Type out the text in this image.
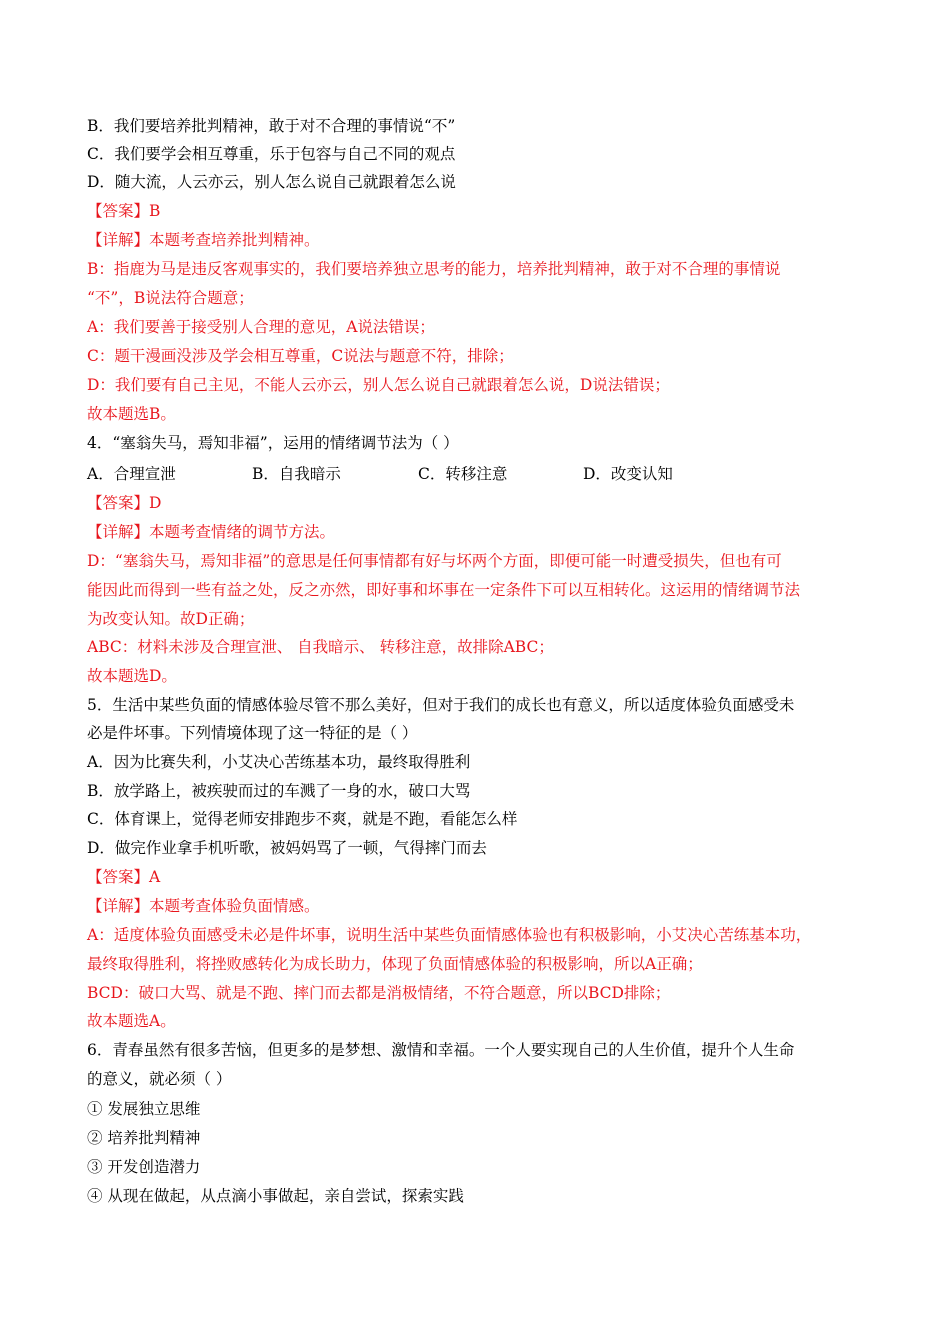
B．我们要培养批判精神，敢于对不合理的事情说“不”
C．我们要学会相互尊重，乐于包容与自己不同的观点
D．随大流，人云亦云，别人怎么说自己就跟着怎么说
【答案】B
【详解】本题考查培养批判精神。
B：指鹿为马是违反客观事实的，我们要培养独立思考的能力，培养批判精神，敢于对不合理的事情说
“不”，B说法符合题意；
A：我们要善于接受别人合理的意见，A说法错误；
C：题干漫画没涉及学会相互尊重，C说法与题意不符，排除；
D：我们要有自己主见，不能人云亦云，别人怎么说自己就跟着怎么说，D说法错误；
故本题选B。
4．“塞翁失马，焉知非福”，运用的情绪调节法为（ ）
A．合理宣泄	B．自我暗示	C．转移注意	D．改变认知
【答案】D
【详解】本题考查情绪的调节方法。
D：“塞翁失马，焉知非福”的意思是任何事情都有好与坏两个方面，即便可能一时遭受损失，但也有可
能因此而得到一些有益之处，反之亦然，即好事和坏事在一定条件下可以互相转化。这运用的情绪调节法
为改变认知。故D正确；
ABC：材料未涉及合理宣泄、 自我暗示、 转移注意，故排除ABC；
故本题选D。
5．生活中某些负面的情感体验尽管不那么美好，但对于我们的成长也有意义，所以适度体验负面感受未
必是件坏事。下列情境体现了这一特征的是（ ）
A．因为比赛失利，小艾决心苦练基本功，最终取得胜利
B．放学路上，被疾驶而过的车溅了一身的水，破口大骂
C．体育课上，觉得老师安排跑步不爽，就是不跑，看能怎么样
D．做完作业拿手机听歌，被妈妈骂了一顿，气得摔门而去
【答案】A
【详解】本题考查体验负面情感。
A：适度体验负面感受未必是件坏事，说明生活中某些负面情感体验也有积极影响，小艾决心苦练基本功，
最终取得胜利，将挫败感转化为成长助力，体现了负面情感体验的积极影响，所以A正确；
BCD：破口大骂、就是不跑、摔门而去都是消极情绪，不符合题意，所以BCD排除；
故本题选A。
6．青春虽然有很多苦恼，但更多的是梦想、激情和幸福。一个人要实现自己的人生价值，提升个人生命
的意义，就必须（ ）
① 发展独立思维
② 培养批判精神
③ 开发创造潜力
④ 从现在做起，从点滴小事做起，亲自尝试，探索实践
